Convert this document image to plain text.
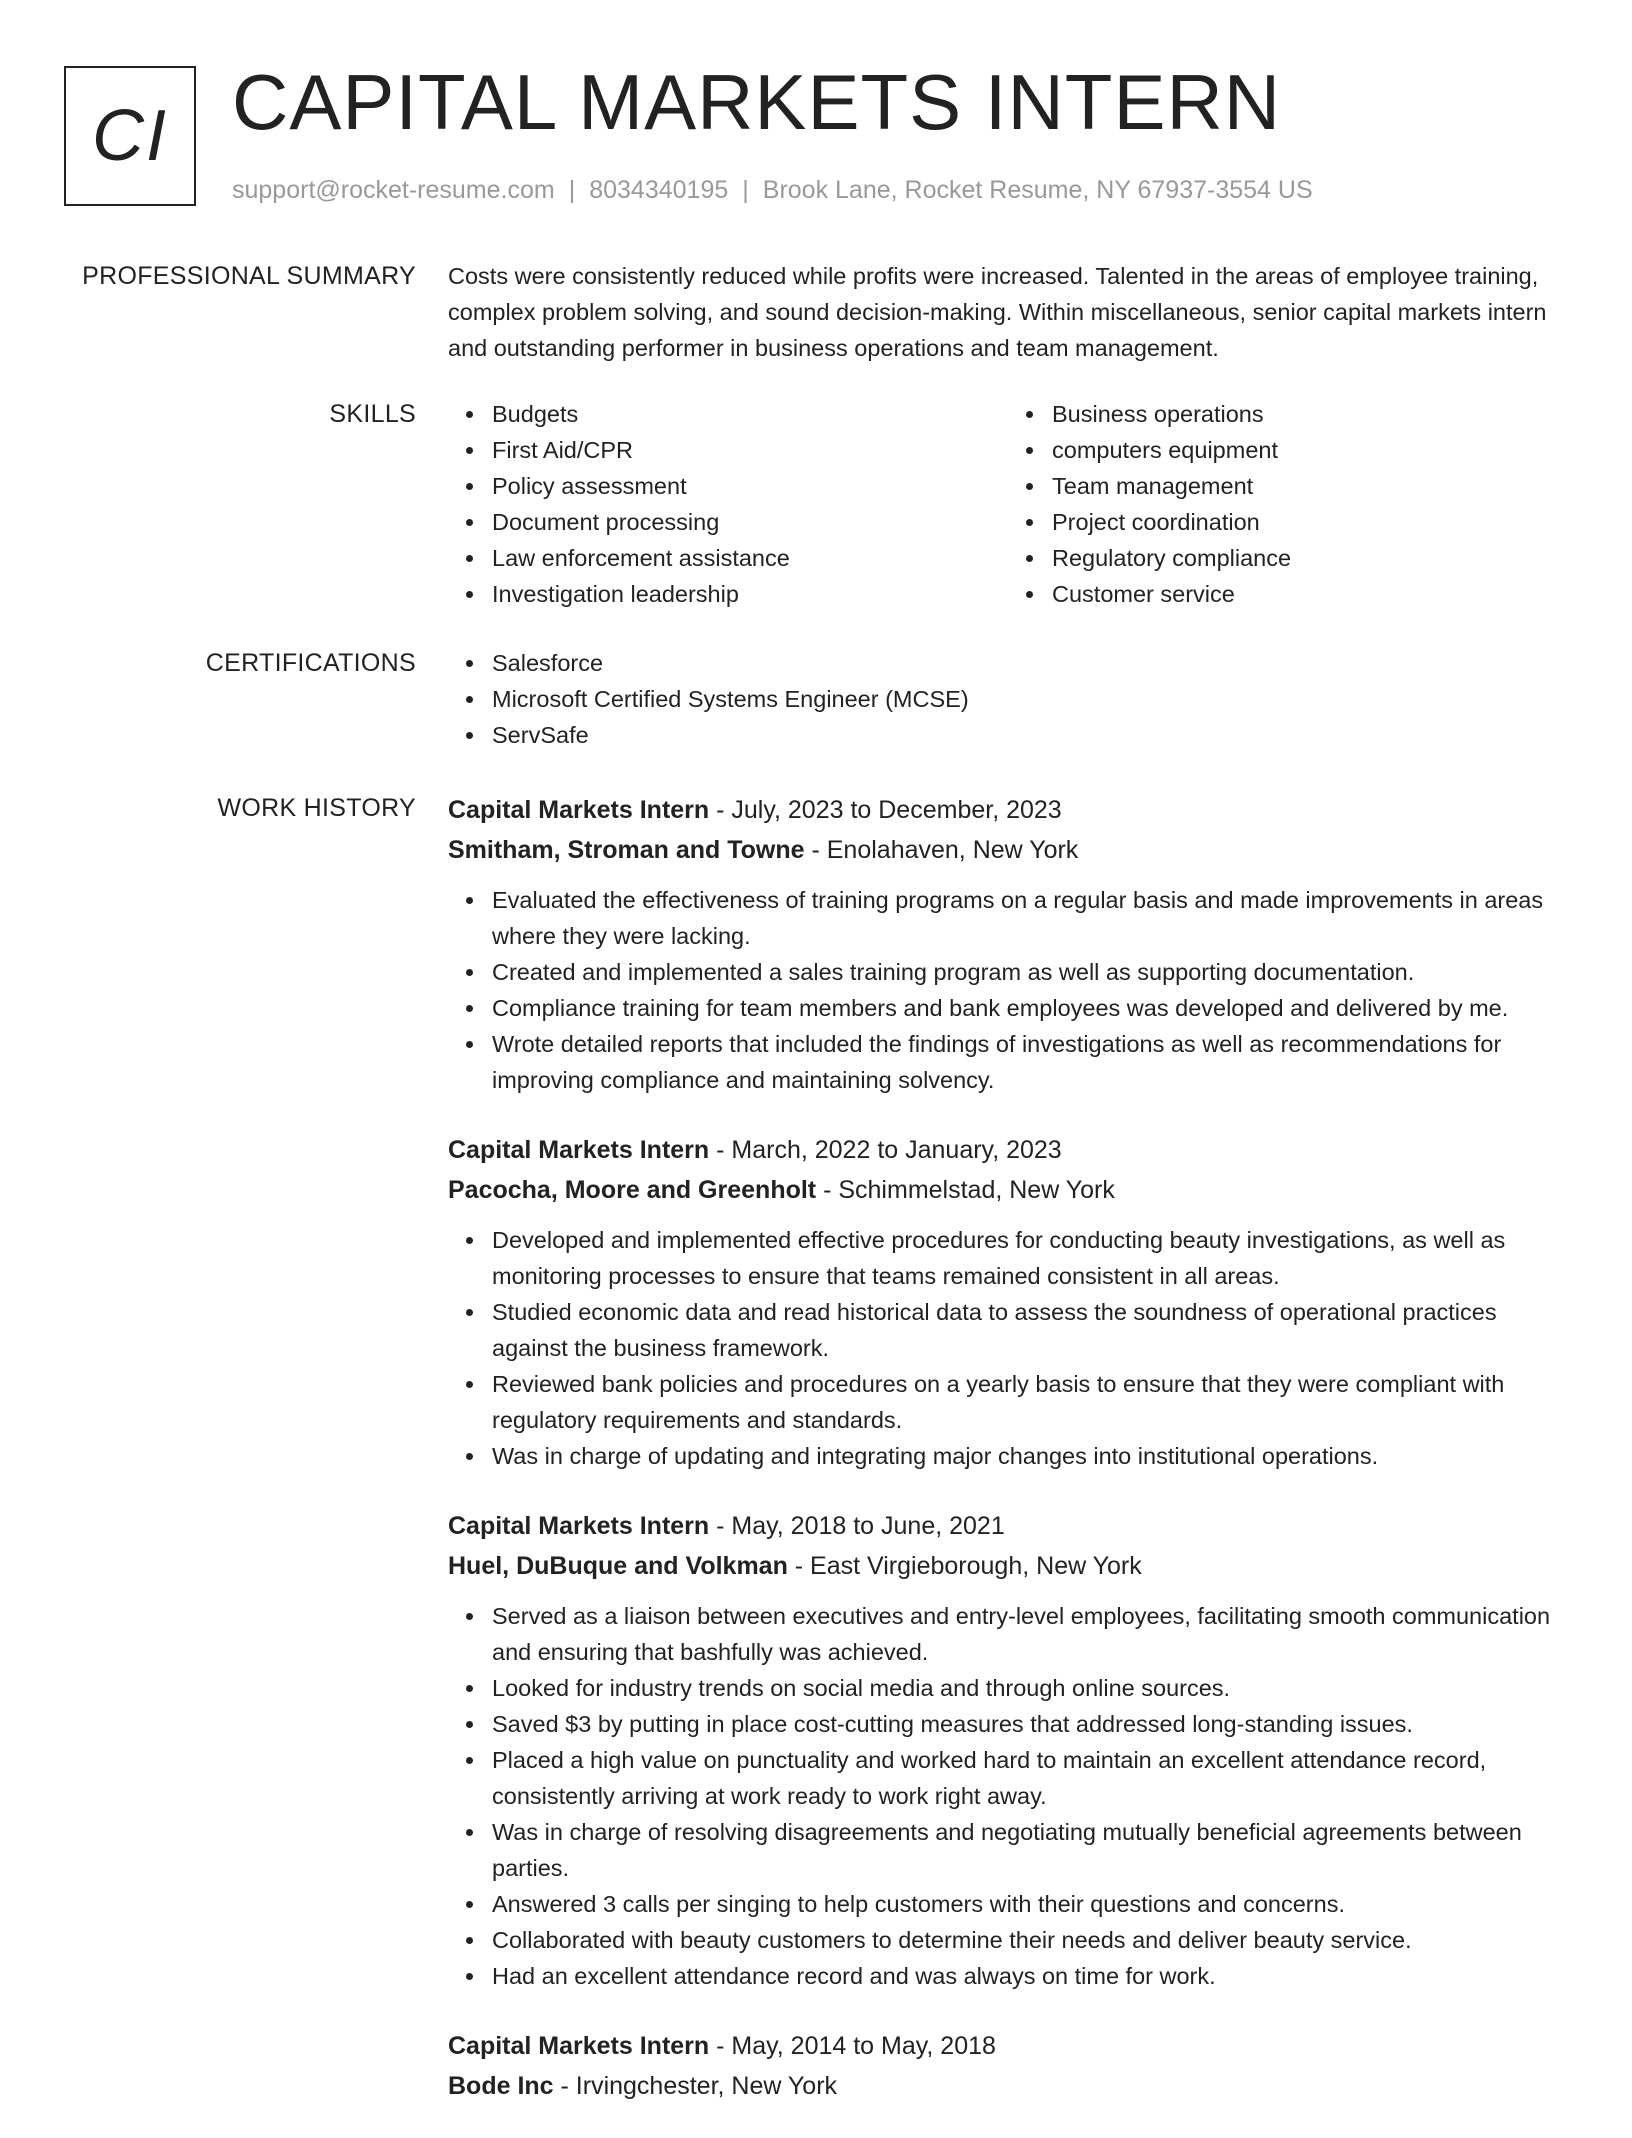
CI CAPITAL MARKETS INTERN
support@rocket-resume.com | 8034340195 | Brook Lane, Rocket Resume, NY 67937-3554 US
PROFESSIONAL SUMMARY Costs were consistently reduced while profits were increased. Talented in the areas of employee training, complex problem solving, and sound decision-making. Within miscellaneous, senior capital markets intern and outstanding performer in business operations and team management.

SKILLS	Budgets
First Aid/CPR
Policy assessment
Document processing
Law enforcement assistance
Investigation leadership
Business operations
computers equipment
Team management
Project coordination
Regulatory compliance
Customer service
CERTIFICATIONS	Salesforce
Microsoft Certified Systems Engineer (MCSE)
ServSafe
WORK HISTORY Capital Markets Intern - July, 2023 to December, 2023
Smitham, Stroman and Towne - Enolahaven, New York
Evaluated the effectiveness of training programs on a regular basis and made improvements in areas where they were lacking.
Created and implemented a sales training program as well as supporting documentation.
Compliance training for team members and bank employees was developed and delivered by me.
Wrote detailed reports that included the findings of investigations as well as recommendations for improving compliance and maintaining solvency.
Capital Markets Intern - March, 2022 to January, 2023
Pacocha, Moore and Greenholt - Schimmelstad, New York
Developed and implemented effective procedures for conducting beauty investigations, as well as monitoring processes to ensure that teams remained consistent in all areas.
Studied economic data and read historical data to assess the soundness of operational practices against the business framework.
Reviewed bank policies and procedures on a yearly basis to ensure that they were compliant with regulatory requirements and standards.
Was in charge of updating and integrating major changes into institutional operations.
Capital Markets Intern - May, 2018 to June, 2021
Huel, DuBuque and Volkman - East Virgieborough, New York
Served as a liaison between executives and entry-level employees, facilitating smooth communication and ensuring that bashfully was achieved.
Looked for industry trends on social media and through online sources.
Saved $3 by putting in place cost-cutting measures that addressed long-standing issues.
Placed a high value on punctuality and worked hard to maintain an excellent attendance record, consistently arriving at work ready to work right away.
Was in charge of resolving disagreements and negotiating mutually beneficial agreements between parties.
Answered 3 calls per singing to help customers with their questions and concerns.
Collaborated with beauty customers to determine their needs and deliver beauty service.
Had an excellent attendance record and was always on time for work.
Capital Markets Intern - May, 2014 to May, 2018
Bode Inc - Irvingchester, New York
